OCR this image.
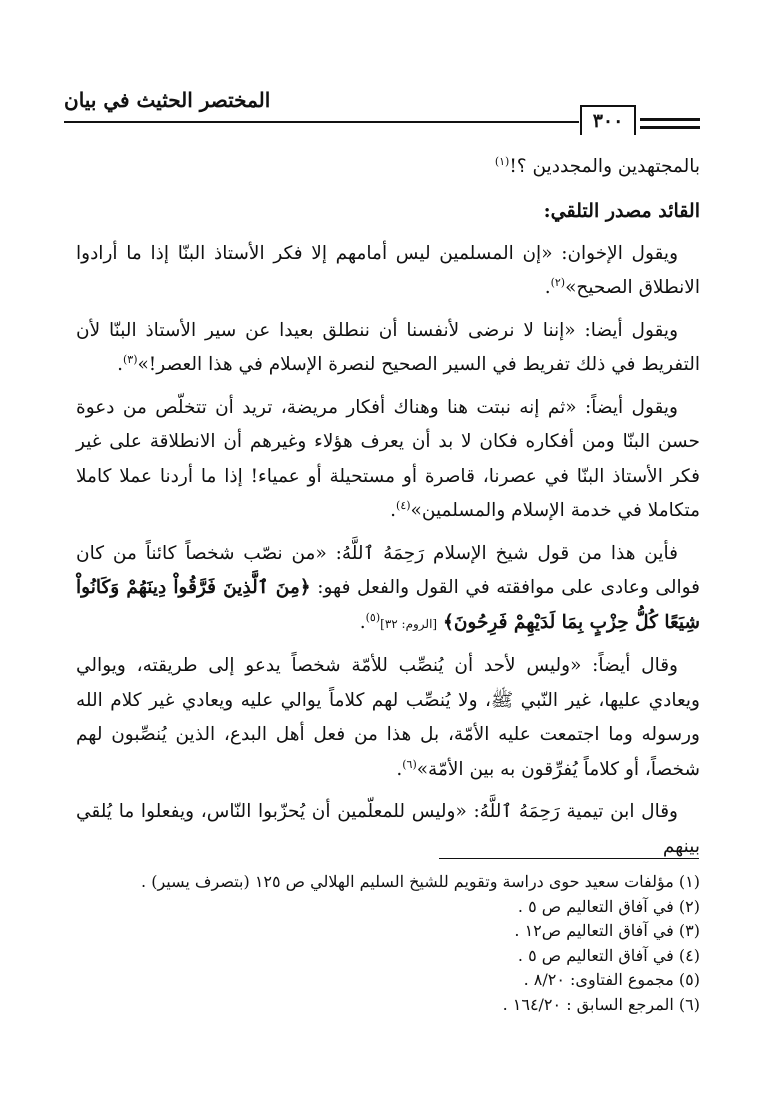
المختصر الحثيث في بيان
٣٠٠

بالمجتهدين والمجددين ؟!$^{(١)}$

القائد مصدر التلقي:

ويقول الإخوان: «إن المسلمين ليس أمامهم إلا فكر الأستاذ البنّا إذا ما أرادوا الانطلاق الصحيح»$^{(٢)}$.

ويقول أيضا: «إننا لا نرضى لأنفسنا أن ننطلق بعيدا عن سير الأستاذ البنّا لأن التفريط في ذلك تفريط في السير الصحيح لنصرة الإسلام في هذا العصر!»$^{(٣)}$.

ويقول أيضاً: «ثم إنه نبتت هنا وهناك أفكار مريضة، تريد أن تتخلّص من دعوة حسن البنّا ومن أفكاره فكان لا بد أن يعرف هؤلاء وغيرهم أن الانطلاقة على غير فكر الأستاذ البنّا في عصرنا، قاصرة أو مستحيلة أو عمياء! إذا ما أردنا عملا كاملا متكاملا في خدمة الإسلام والمسلمين»$^{(٤)}$.

فأين هذا من قول شيخ الإسلام رَحِمَهُ ٱللَّهُ: «من نصّب شخصاً كائناً من كان فوالى وعادى على موافقته في القول والفعل فهو: ﴿مِنَ ٱلَّذِينَ فَرَّقُواْ دِينَهُمْ وَكَانُواْ شِيَعًا كُلُّ حِزْبٍ بِمَا لَدَيْهِمْ فَرِحُونَ﴾ [الروم: ٣٢]$^{(٥)}$.

وقال أيضاً: «وليس لأحد أن يُنصِّب للأمّة شخصاً يدعو إلى طريقته، ويوالي ويعادي عليها، غير النّبي ﷺ، ولا يُنصِّب لهم كلاماً يوالي عليه ويعادي غير كلام الله ورسوله وما اجتمعت عليه الأمّة، بل هذا من فعل أهل البدع، الذين يُنصِّبون لهم شخصاً، أو كلاماً يُفرِّقون به بين الأمّة»$^{(٦)}$.

وقال ابن تيمية رَحِمَهُ ٱللَّهُ: «وليس للمعلّمين أن يُحزّبوا النّاس، ويفعلوا ما يُلقي بينهم

(١) مؤلفات سعيد حوى دراسة وتقويم للشيخ السليم الهلالي ص ١٢٥ (بتصرف يسير) .

(٢) في آفاق التعاليم ص ٥ .

(٣) في آفاق التعاليم ص١٢ .

(٤) في آفاق التعاليم ص ٥ .

(٥) مجموع الفتاوى: ٨/٢٠ .

(٦) المرجع السابق : ١٦٤/٢٠ .
